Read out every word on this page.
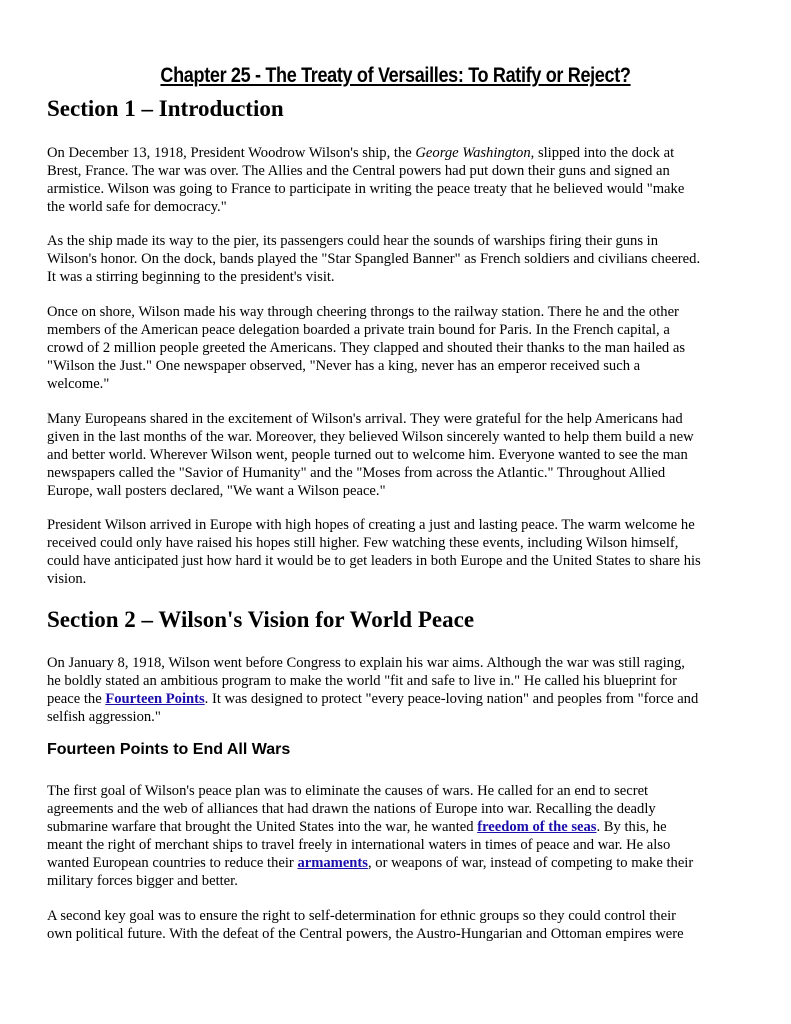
Chapter 25 - The Treaty of Versailles: To Ratify or Reject?
Section 1 – Introduction

On December 13, 1918, President Woodrow Wilson's ship, the George Washington, slipped into the dock at
Brest, France. The war was over. The Allies and the Central powers had put down their guns and signed an
armistice. Wilson was going to France to participate in writing the peace treaty that he believed would "make
the world safe for democracy."

As the ship made its way to the pier, its passengers could hear the sounds of warships firing their guns in
Wilson's honor. On the dock, bands played the "Star Spangled Banner" as French soldiers and civilians cheered.
It was a stirring beginning to the president's visit.

Once on shore, Wilson made his way through cheering throngs to the railway station. There he and the other
members of the American peace delegation boarded a private train bound for Paris. In the French capital, a
crowd of 2 million people greeted the Americans. They clapped and shouted their thanks to the man hailed as
"Wilson the Just." One newspaper observed, "Never has a king, never has an emperor received such a
welcome."

Many Europeans shared in the excitement of Wilson's arrival. They were grateful for the help Americans had
given in the last months of the war. Moreover, they believed Wilson sincerely wanted to help them build a new
and better world. Wherever Wilson went, people turned out to welcome him. Everyone wanted to see the man
newspapers called the "Savior of Humanity" and the "Moses from across the Atlantic." Throughout Allied
Europe, wall posters declared, "We want a Wilson peace."

President Wilson arrived in Europe with high hopes of creating a just and lasting peace. The warm welcome he
received could only have raised his hopes still higher. Few watching these events, including Wilson himself,
could have anticipated just how hard it would be to get leaders in both Europe and the United States to share his
vision.

Section 2 – Wilson's Vision for World Peace

On January 8, 1918, Wilson went before Congress to explain his war aims. Although the war was still raging,
he boldly stated an ambitious program to make the world "fit and safe to live in." He called his blueprint for
peace the Fourteen Points. It was designed to protect "every peace-loving nation" and peoples from "force and
selfish aggression."

Fourteen Points to End All Wars

The first goal of Wilson's peace plan was to eliminate the causes of wars. He called for an end to secret
agreements and the web of alliances that had drawn the nations of Europe into war. Recalling the deadly
submarine warfare that brought the United States into the war, he wanted freedom of the seas. By this, he
meant the right of merchant ships to travel freely in international waters in times of peace and war. He also
wanted European countries to reduce their armaments, or weapons of war, instead of competing to make their
military forces bigger and better.

A second key goal was to ensure the right to self-determination for ethnic groups so they could control their
own political future. With the defeat of the Central powers, the Austro-Hungarian and Ottoman empires were
